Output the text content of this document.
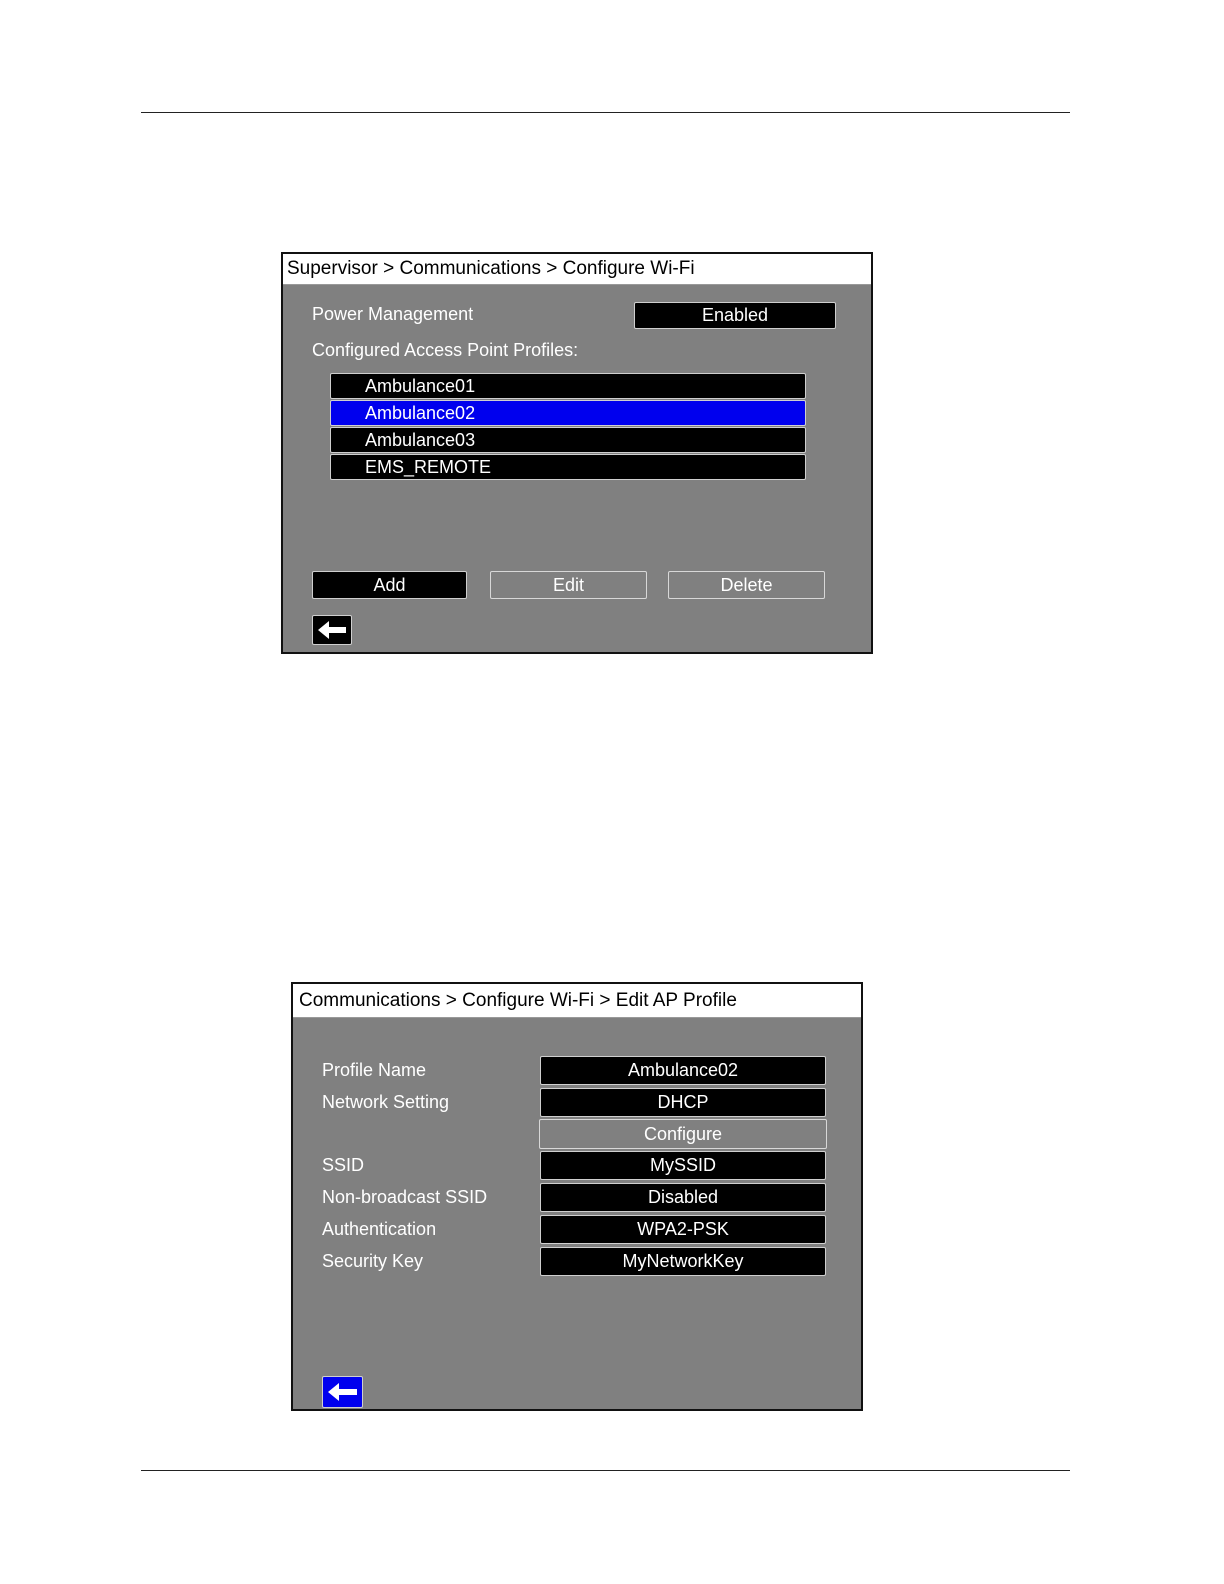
Supervisor > Communications > Configure Wi-Fi
Power Management	Enabled
Configured Access Point Profiles:
Ambulance01
Ambulance02
Ambulance03
EMS_REMOTE
Add	Edit	Delete
Communications > Configure Wi-Fi > Edit AP Profile
Profile Name	Ambulance02
Network Setting	DHCP
Configure
SSID	MySSID
Non-broadcast SSID	Disabled
Authentication	WPA2-PSK
Security Key	MyNetworkKey
